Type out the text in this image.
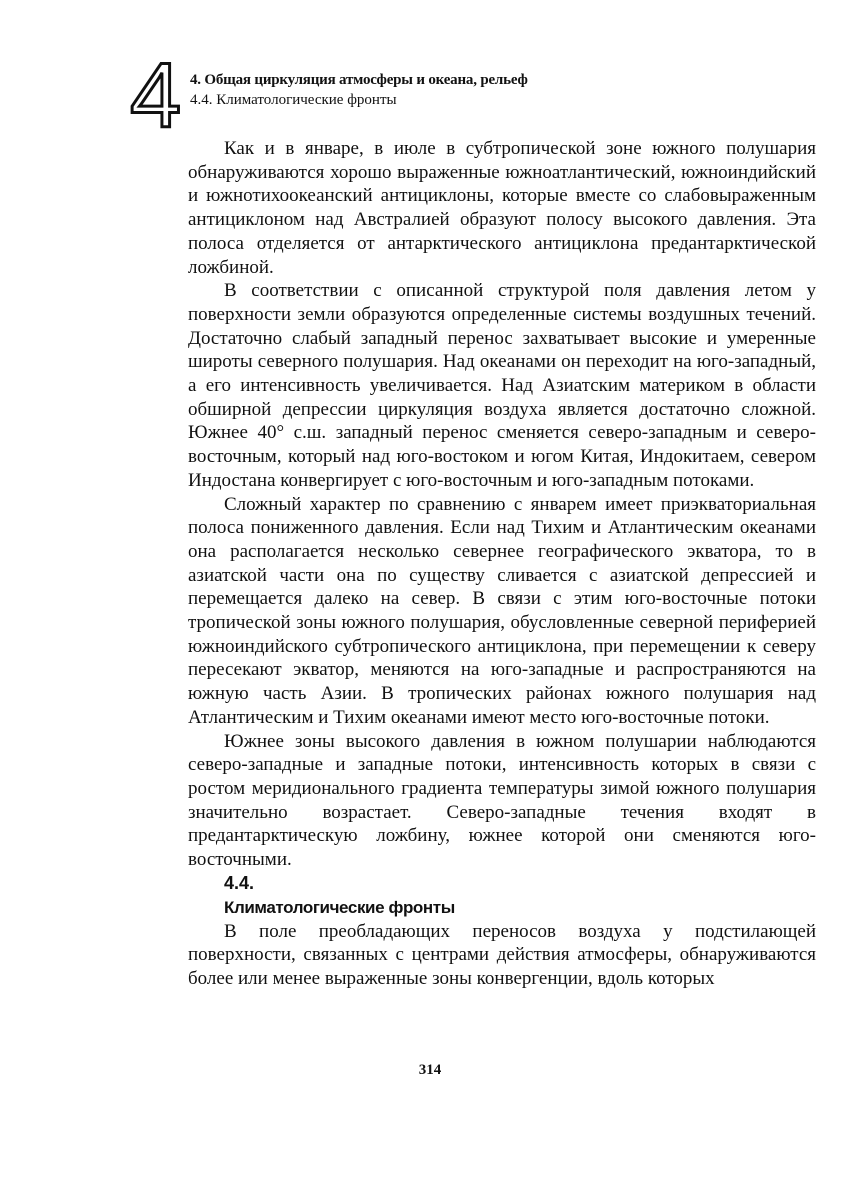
4 4. Общая циркуляция атмосферы и океана, рельеф
4.4. Климатологические фронты

Как и в январе, в июле в субтропической зоне южного полушария обнаруживаются хорошо выраженные южноатлантический, южноиндийский и южнотихоокеанский антициклоны, которые вместе со слабовыраженным антициклоном над Австралией образуют полосу высокого давления. Эта полоса отделяется от антарктического антициклона предантарктической ложбиной.

В соответствии с описанной структурой поля давления летом у поверхности земли образуются определенные системы воздушных течений. Достаточно слабый западный перенос захватывает высокие и умеренные широты северного полушария. Над океанами он переходит на юго-западный, а его интенсивность увеличивается. Над Азиатским материком в области обширной депрессии циркуляция воздуха является достаточно сложной. Южнее 40° с.ш. западный перенос сменяется северо-западным и северо-восточным, который над юго-востоком и югом Китая, Индокитаем, севером Индостана конвергирует с юго-восточным и юго-западным потоками.

Сложный характер по сравнению с январем имеет приэкваториальная полоса пониженного давления. Если над Тихим и Атлантическим океанами она располагается несколько севернее географического экватора, то в азиатской части она по существу сливается с азиатской депрессией и перемещается далеко на север. В связи с этим юго-восточные потоки тропической зоны южного полушария, обусловленные северной периферией южноиндийского субтропического антициклона, при перемещении к северу пересекают экватор, меняются на юго-западные и распространяются на южную часть Азии. В тропических районах южного полушария над Атлантическим и Тихим океанами имеют место юго-восточные потоки.

Южнее зоны высокого давления в южном полушарии наблюдаются северо-западные и западные потоки, интенсивность которых в связи с ростом меридионального градиента температуры зимой южного полушария значительно возрастает. Северо-западные течения входят в предантарктическую ложбину, южнее которой они сменяются юго-восточными.

4.4.
Климатологические фронты

В поле преобладающих переносов воздуха у подстилающей поверхности, связанных с центрами действия атмосферы, обнаруживаются более или менее выраженные зоны конвергенции, вдоль которых

314
